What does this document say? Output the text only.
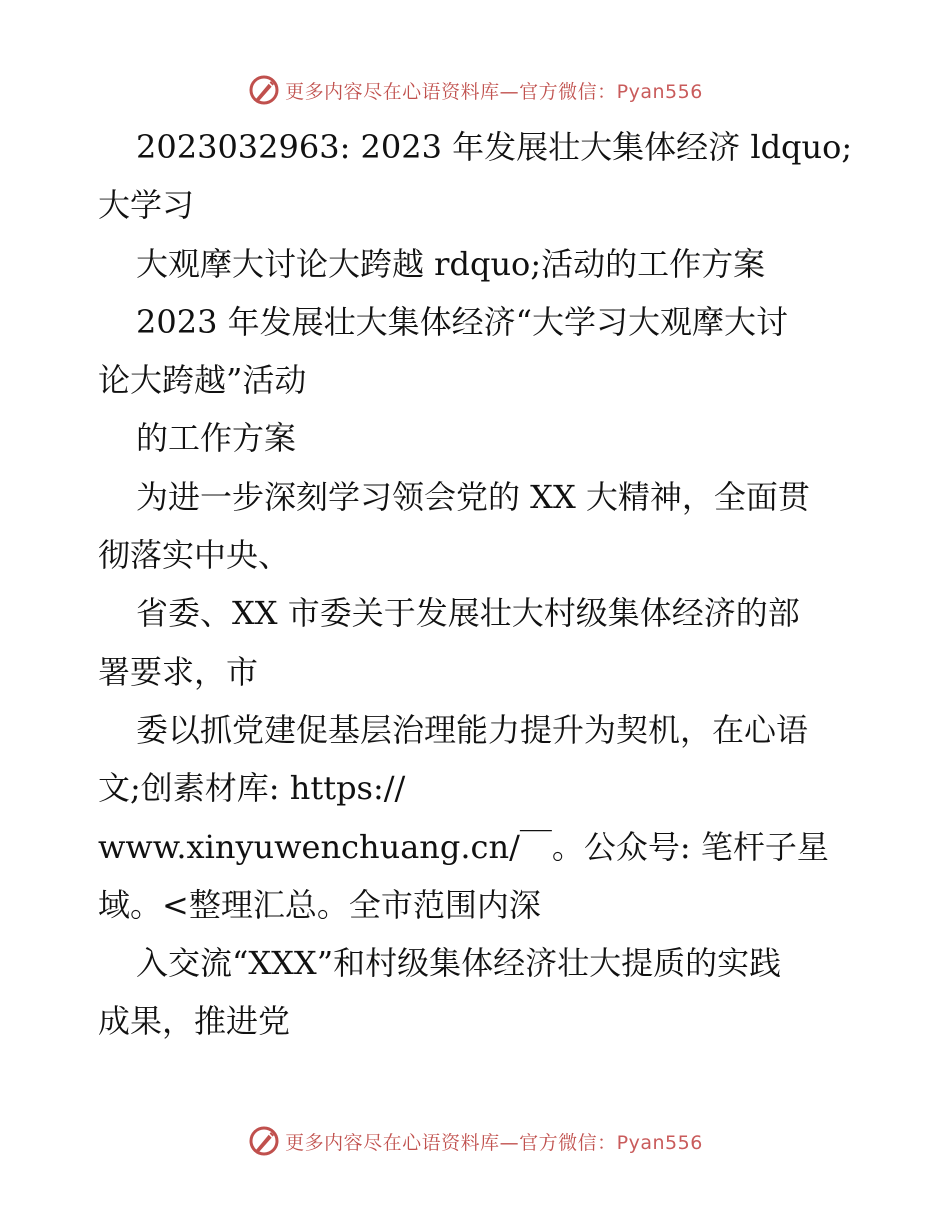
更多内容尽在心语资料库—官方微信：Pyan556
2023032963: 2023 年发展壮大集体经济 ldquo;
大学习
大观摩大讨论大跨越 rdquo;活动的工作方案
2023 年发展壮大集体经济“大学习大观摩大讨
论大跨越”活动
的工作方案
为进一步深刻学习领会党的 XX 大精神，全面贯
彻落实中央、
省委、XX 市委关于发展壮大村级集体经济的部
署要求，市
委以抓党建促基层治理能力提升为契机，在心语
文;创素材库: https://
www.xinyuwenchuang.cn/￣。公众号: 笔杆子星
域。<整理汇总。全市范围内深
入交流“XXX”和村级集体经济壮大提质的实践
成果，推进党
更多内容尽在心语资料库—官方微信：Pyan556
